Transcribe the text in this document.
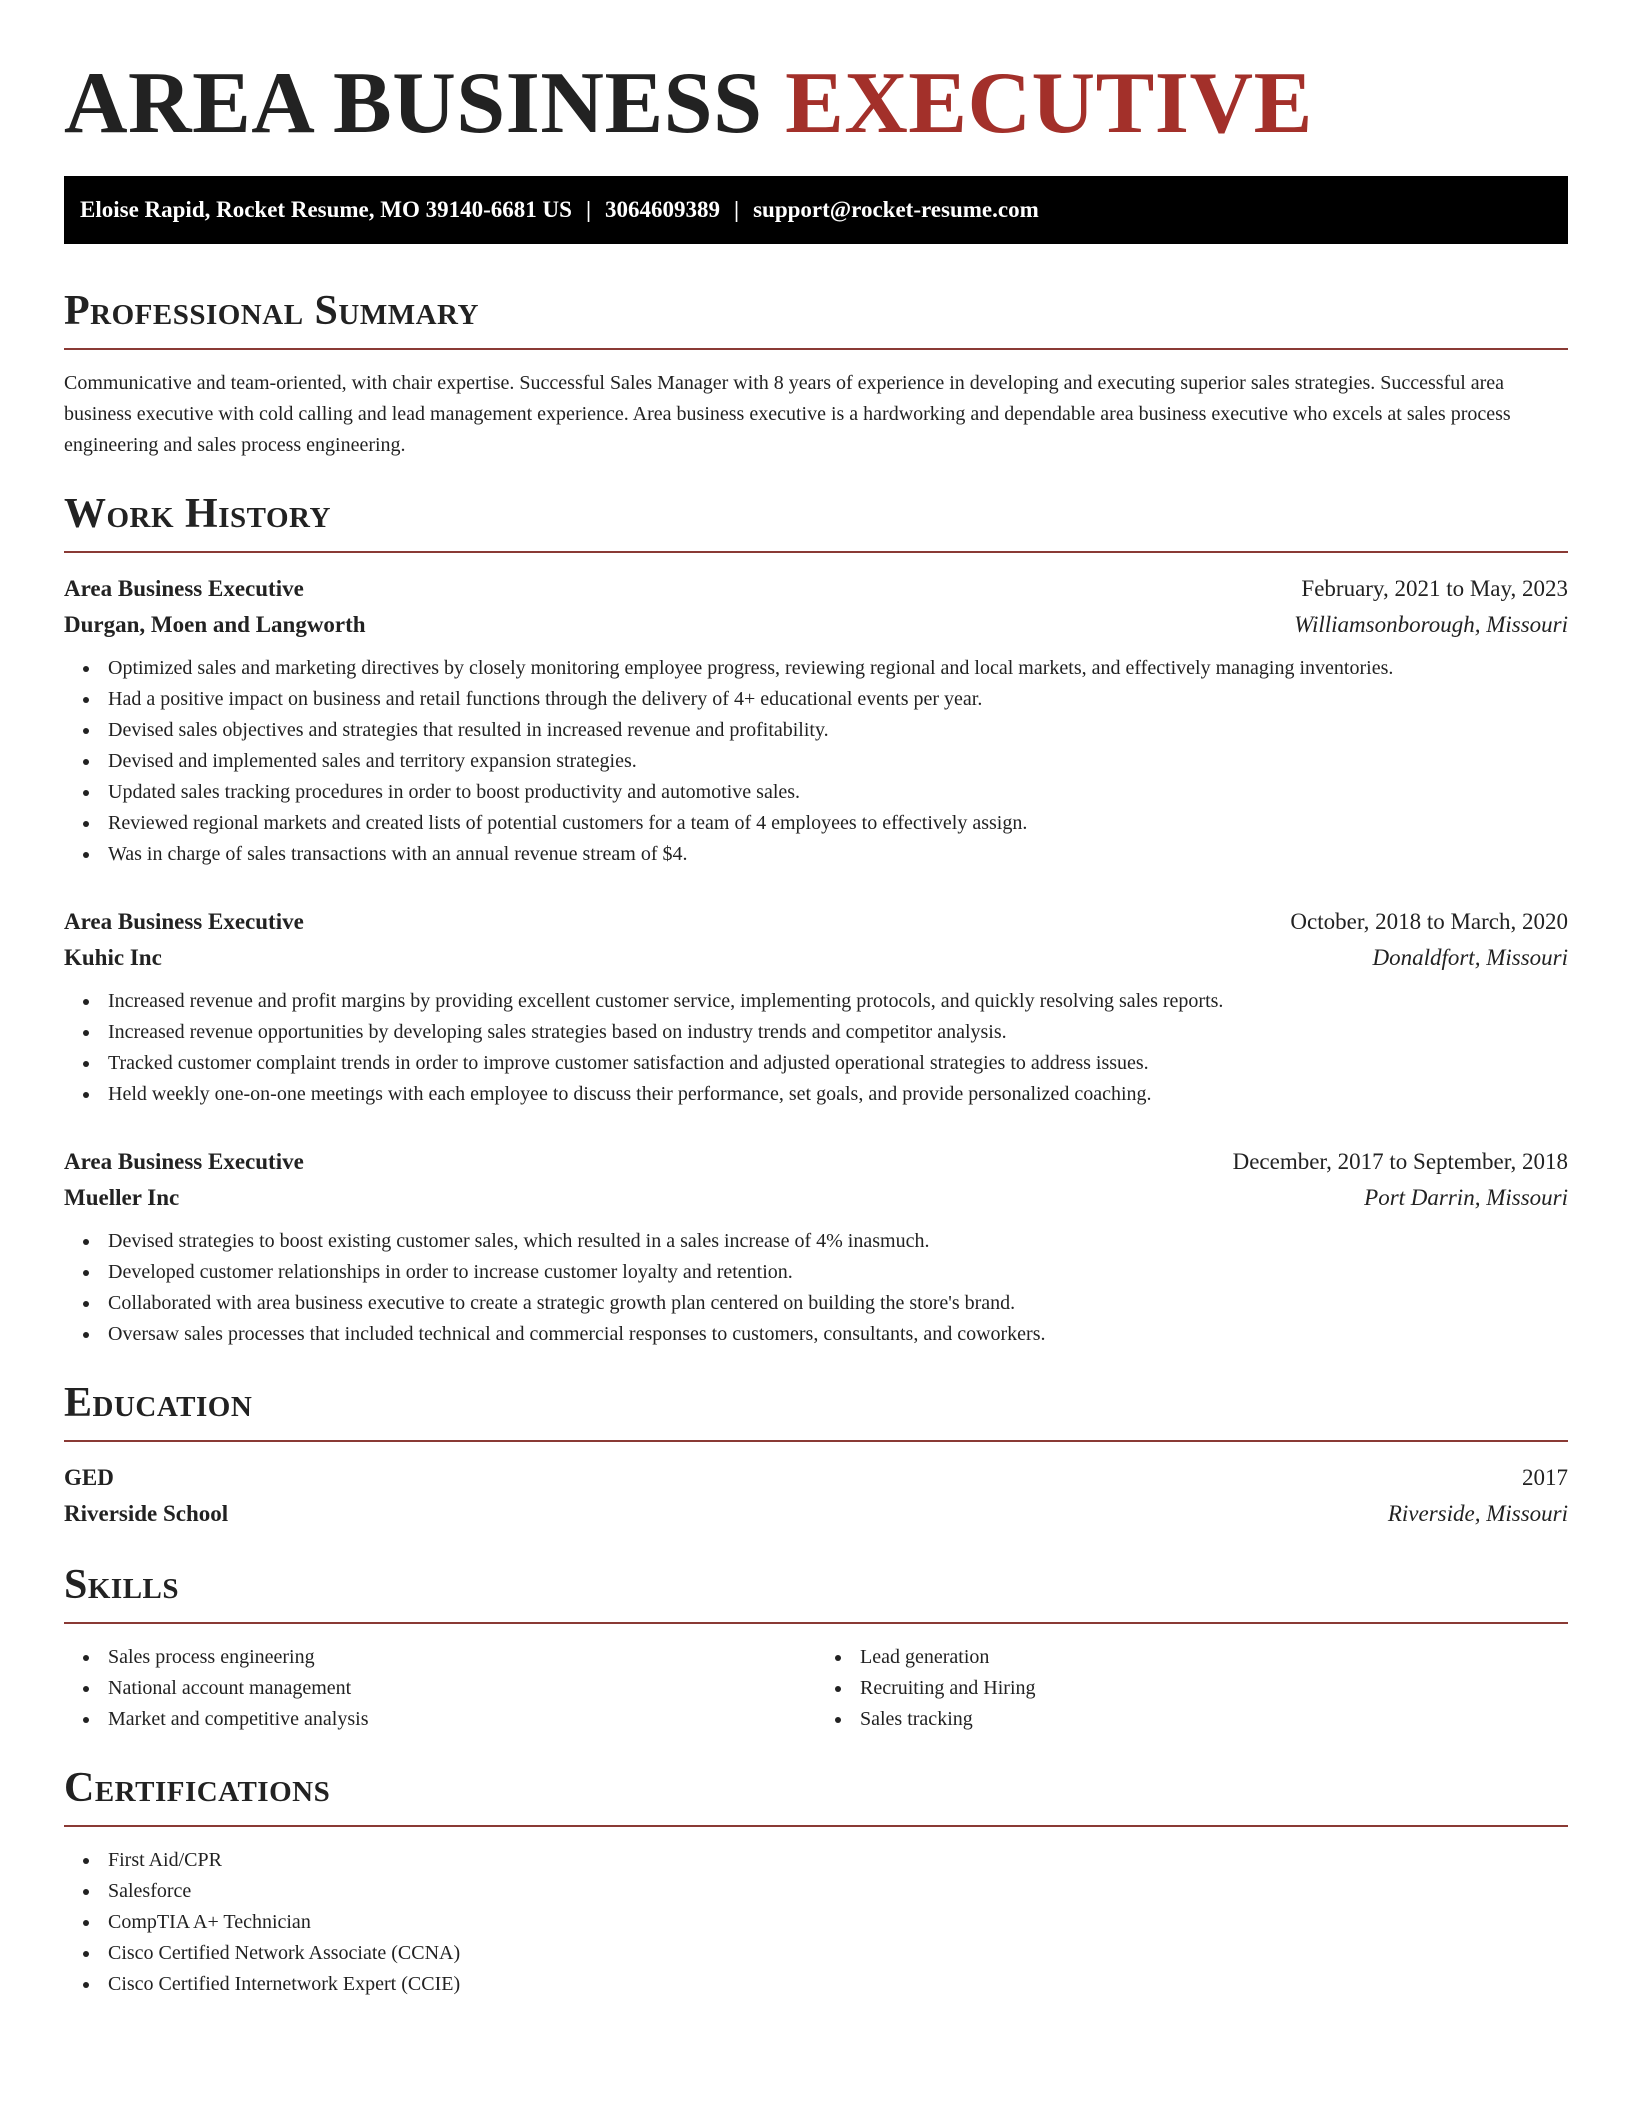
AREA BUSINESS EXECUTIVE
Eloise Rapid, Rocket Resume, MO 39140-6681 US | 3064609389 | support@rocket-resume.com
Professional Summary

Communicative and team-oriented, with chair expertise. Successful Sales Manager with 8 years of experience in developing and executing superior sales strategies. Successful area business executive with cold calling and lead management experience. Area business executive is a hardworking and dependable area business executive who excels at sales process engineering and sales process engineering.

Work History
Area Business Executive	February, 2021 to May, 2023
Durgan, Moen and Langworth	Williamsonborough, Missouri
Optimized sales and marketing directives by closely monitoring employee progress, reviewing regional and local markets, and effectively managing inventories.
Had a positive impact on business and retail functions through the delivery of 4+ educational events per year.
Devised sales objectives and strategies that resulted in increased revenue and profitability.
Devised and implemented sales and territory expansion strategies.
Updated sales tracking procedures in order to boost productivity and automotive sales.
Reviewed regional markets and created lists of potential customers for a team of 4 employees to effectively assign.
Was in charge of sales transactions with an annual revenue stream of $4.
Area Business Executive	October, 2018 to March, 2020
Kuhic Inc	Donaldfort, Missouri
Increased revenue and profit margins by providing excellent customer service, implementing protocols, and quickly resolving sales reports.
Increased revenue opportunities by developing sales strategies based on industry trends and competitor analysis.
Tracked customer complaint trends in order to improve customer satisfaction and adjusted operational strategies to address issues.
Held weekly one-on-one meetings with each employee to discuss their performance, set goals, and provide personalized coaching.
Area Business Executive	December, 2017 to September, 2018
Mueller Inc	Port Darrin, Missouri
Devised strategies to boost existing customer sales, which resulted in a sales increase of 4% inasmuch.
Developed customer relationships in order to increase customer loyalty and retention.
Collaborated with area business executive to create a strategic growth plan centered on building the store's brand.
Oversaw sales processes that included technical and commercial responses to customers, consultants, and coworkers.
Education
GED	2017
Riverside School	Riverside, Missouri
Skills
Sales process engineering
National account management
Market and competitive analysis
Lead generation
Recruiting and Hiring
Sales tracking
Certifications
First Aid/CPR
Salesforce
CompTIA A+ Technician
Cisco Certified Network Associate (CCNA)
Cisco Certified Internetwork Expert (CCIE)
